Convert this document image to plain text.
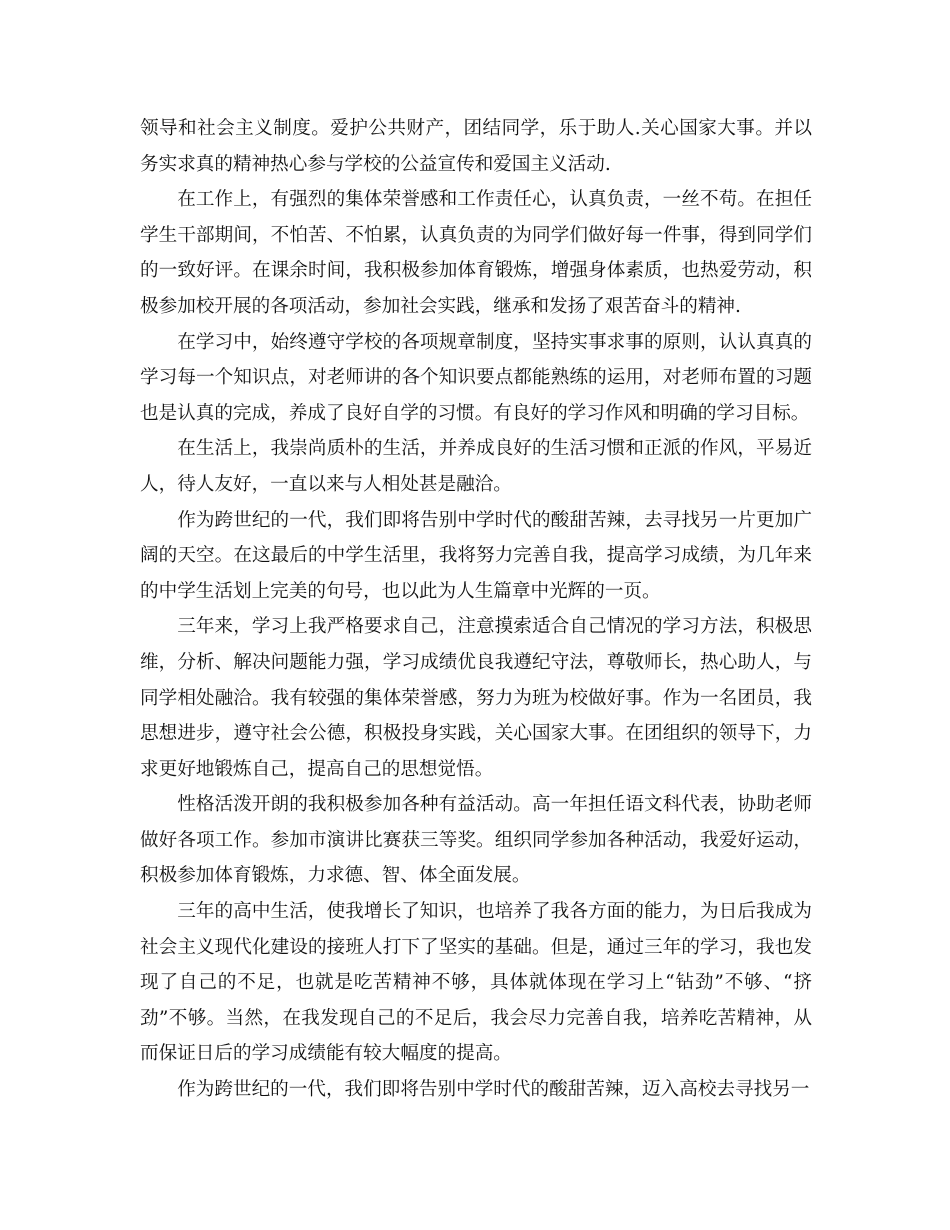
领导和社会主义制度。爱护公共财产，团结同学，乐于助人.关心国家大事。并以务实求真的精神热心参与学校的公益宣传和爱国主义活动.

在工作上，有强烈的集体荣誉感和工作责任心，认真负责，一丝不苟。在担任学生干部期间，不怕苦、不怕累，认真负责的为同学们做好每一件事，得到同学们的一致好评。在课余时间，我积极参加体育锻炼，增强身体素质，也热爱劳动，积极参加校开展的各项活动，参加社会实践，继承和发扬了艰苦奋斗的精神.

在学习中，始终遵守学校的各项规章制度，坚持实事求事的原则，认认真真的学习每一个知识点，对老师讲的各个知识要点都能熟练的运用，对老师布置的习题也是认真的完成，养成了良好自学的习惯。有良好的学习作风和明确的学习目标。

在生活上，我崇尚质朴的生活，并养成良好的生活习惯和正派的作风，平易近人，待人友好，一直以来与人相处甚是融洽。

作为跨世纪的一代，我们即将告别中学时代的酸甜苦辣，去寻找另一片更加广阔的天空。在这最后的中学生活里，我将努力完善自我，提高学习成绩，为几年来的中学生活划上完美的句号，也以此为人生篇章中光辉的一页。

三年来，学习上我严格要求自己，注意摸索适合自己情况的学习方法，积极思维，分析、解决问题能力强，学习成绩优良我遵纪守法，尊敬师长，热心助人，与同学相处融洽。我有较强的集体荣誉感，努力为班为校做好事。作为一名团员，我思想进步，遵守社会公德，积极投身实践，关心国家大事。在团组织的领导下，力求更好地锻炼自己，提高自己的思想觉悟。

性格活泼开朗的我积极参加各种有益活动。高一年担任语文科代表，协助老师做好各项工作。参加市演讲比赛获三等奖。组织同学参加各种活动，我爱好运动，积极参加体育锻炼，力求德、智、体全面发展。

三年的高中生活，使我增长了知识，也培养了我各方面的能力，为日后我成为社会主义现代化建设的接班人打下了坚实的基础。但是，通过三年的学习，我也发现了自己的不足，也就是吃苦精神不够，具体就体现在学习上“钻劲”不够、“挤劲”不够。当然，在我发现自己的不足后，我会尽力完善自我，培养吃苦精神，从而保证日后的学习成绩能有较大幅度的提高。

作为跨世纪的一代，我们即将告别中学时代的酸甜苦辣，迈入高校去寻找另一
